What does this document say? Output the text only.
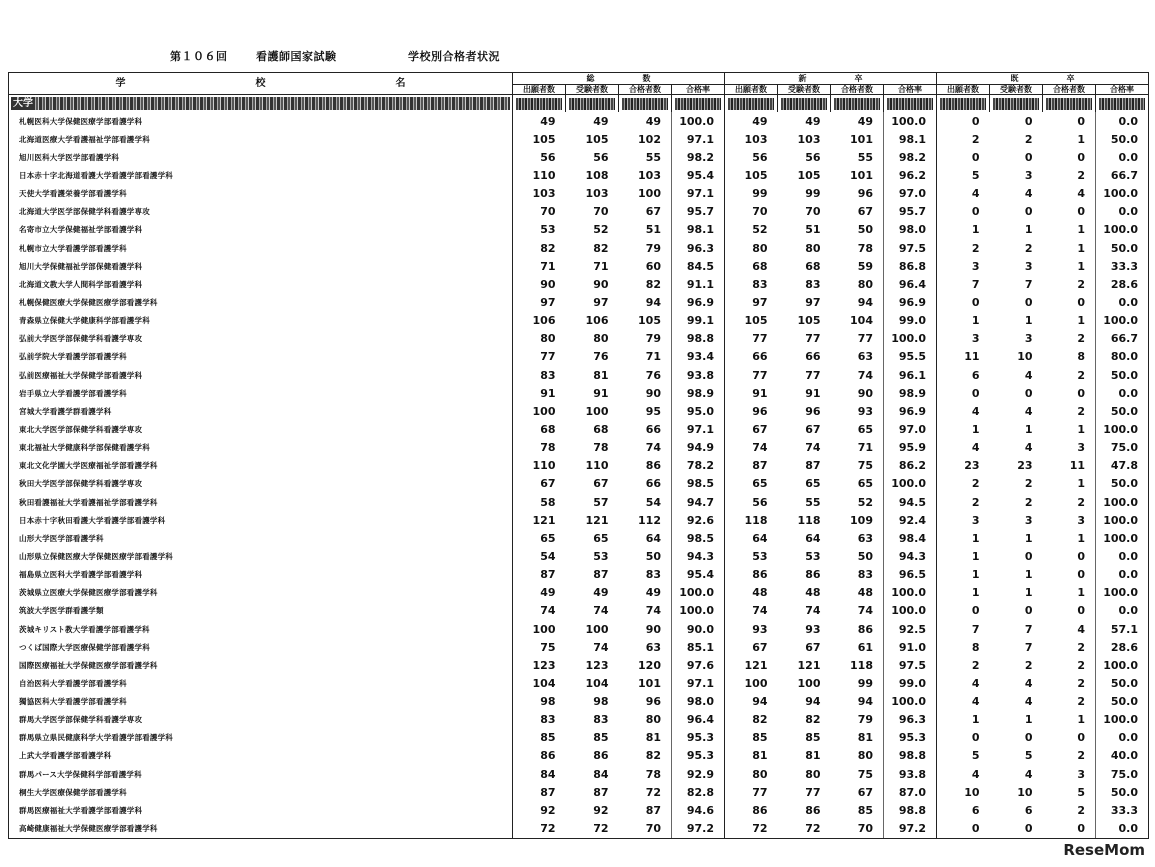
第１０６回	看護師国家試験	学校別合格者状況
学 校 名	総　　　　　　数				新　　　　　　卒				既　　　　　　卒			
	出願者数	受験者数	合格者数	合格率	出願者数	受験者数	合格者数	合格率	出願者数	受験者数	合格者数	合格率

大学												

札幌医科大学保健医療学部看護学科	49	49	49	100.0	49	49	49	100.0	0	0	0	0.0
北海道医療大学看護福祉学部看護学科	105	105	102	97.1	103	103	101	98.1	2	2	1	50.0
旭川医科大学医学部看護学科	56	56	55	98.2	56	56	55	98.2	0	0	0	0.0
日本赤十字北海道看護大学看護学部看護学科	110	108	103	95.4	105	105	101	96.2	5	3	2	66.7
天使大学看護栄養学部看護学科	103	103	100	97.1	99	99	96	97.0	4	4	4	100.0
北海道大学医学部保健学科看護学専攻	70	70	67	95.7	70	70	67	95.7	0	0	0	0.0
名寄市立大学保健福祉学部看護学科	53	52	51	98.1	52	51	50	98.0	1	1	1	100.0
札幌市立大学看護学部看護学科	82	82	79	96.3	80	80	78	97.5	2	2	1	50.0
旭川大学保健福祉学部保健看護学科	71	71	60	84.5	68	68	59	86.8	3	3	1	33.3
北海道文教大学人間科学部看護学科	90	90	82	91.1	83	83	80	96.4	7	7	2	28.6
札幌保健医療大学保健医療学部看護学科	97	97	94	96.9	97	97	94	96.9	0	0	0	0.0
青森県立保健大学健康科学部看護学科	106	106	105	99.1	105	105	104	99.0	1	1	1	100.0
弘前大学医学部保健学科看護学専攻	80	80	79	98.8	77	77	77	100.0	3	3	2	66.7
弘前学院大学看護学部看護学科	77	76	71	93.4	66	66	63	95.5	11	10	8	80.0
弘前医療福祉大学保健学部看護学科	83	81	76	93.8	77	77	74	96.1	6	4	2	50.0
岩手県立大学看護学部看護学科	91	91	90	98.9	91	91	90	98.9	0	0	0	0.0
宮城大学看護学群看護学科	100	100	95	95.0	96	96	93	96.9	4	4	2	50.0
東北大学医学部保健学科看護学専攻	68	68	66	97.1	67	67	65	97.0	1	1	1	100.0
東北福祉大学健康科学部保健看護学科	78	78	74	94.9	74	74	71	95.9	4	4	3	75.0
東北文化学園大学医療福祉学部看護学科	110	110	86	78.2	87	87	75	86.2	23	23	11	47.8
秋田大学医学部保健学科看護学専攻	67	67	66	98.5	65	65	65	100.0	2	2	1	50.0
秋田看護福祉大学看護福祉学部看護学科	58	57	54	94.7	56	55	52	94.5	2	2	2	100.0
日本赤十字秋田看護大学看護学部看護学科	121	121	112	92.6	118	118	109	92.4	3	3	3	100.0
山形大学医学部看護学科	65	65	64	98.5	64	64	63	98.4	1	1	1	100.0
山形県立保健医療大学保健医療学部看護学科	54	53	50	94.3	53	53	50	94.3	1	0	0	0.0
福島県立医科大学看護学部看護学科	87	87	83	95.4	86	86	83	96.5	1	1	0	0.0
茨城県立医療大学保健医療学部看護学科	49	49	49	100.0	48	48	48	100.0	1	1	1	100.0
筑波大学医学群看護学類	74	74	74	100.0	74	74	74	100.0	0	0	0	0.0
茨城キリスト教大学看護学部看護学科	100	100	90	90.0	93	93	86	92.5	7	7	4	57.1
つくば国際大学医療保健学部看護学科	75	74	63	85.1	67	67	61	91.0	8	7	2	28.6
国際医療福祉大学保健医療学部看護学科	123	123	120	97.6	121	121	118	97.5	2	2	2	100.0
自治医科大学看護学部看護学科	104	104	101	97.1	100	100	99	99.0	4	4	2	50.0
獨協医科大学看護学部看護学科	98	98	96	98.0	94	94	94	100.0	4	4	2	50.0
群馬大学医学部保健学科看護学専攻	83	83	80	96.4	82	82	79	96.3	1	1	1	100.0
群馬県立県民健康科学大学看護学部看護学科	85	85	81	95.3	85	85	81	95.3	0	0	0	0.0
上武大学看護学部看護学科	86	86	82	95.3	81	81	80	98.8	5	5	2	40.0
群馬パース大学保健科学部看護学科	84	84	78	92.9	80	80	75	93.8	4	4	3	75.0
桐生大学医療保健学部看護学科	87	87	72	82.8	77	77	67	87.0	10	10	5	50.0
群馬医療福祉大学看護学部看護学科	92	92	87	94.6	86	86	85	98.8	6	6	2	33.3
高崎健康福祉大学保健医療学部看護学科	72	72	70	97.2	72	72	70	97.2	0	0	0	0.0
ReseMom
